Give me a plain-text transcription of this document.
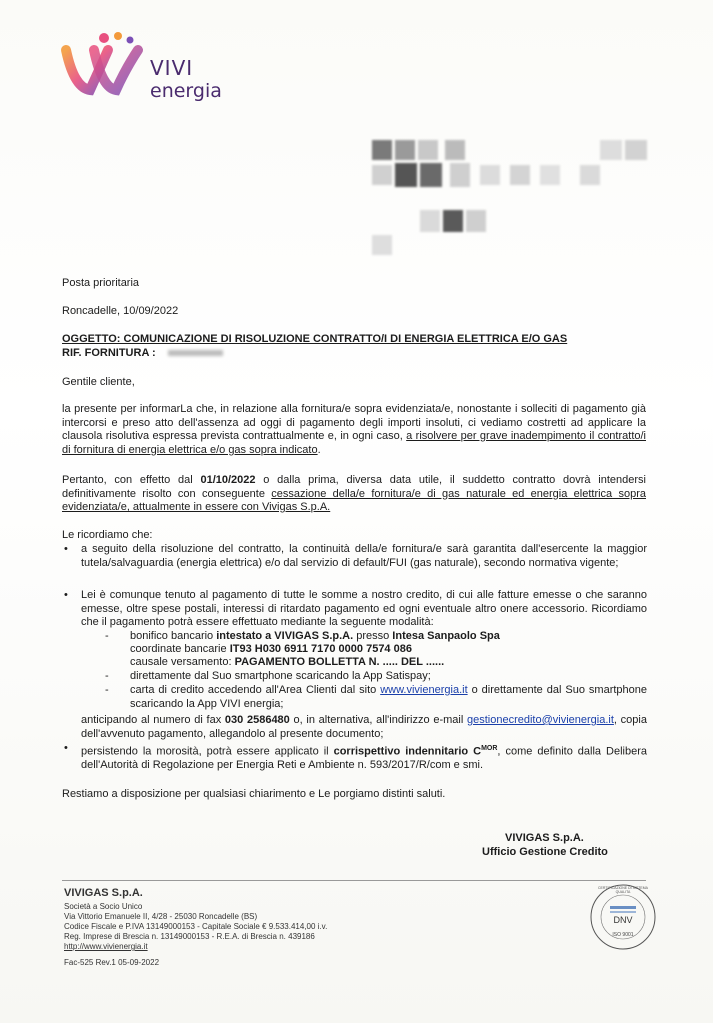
VIVI
energia
Posta prioritaria
Roncadelle, 10/09/2022
OGGETTO: COMUNICAZIONE DI RISOLUZIONE CONTRATTO/I DI ENERGIA ELETTRICA E/O GAS
RIF. FORNITURA :
Gentile cliente,
la presente per informarLa che, in relazione alla fornitura/e sopra evidenziata/e, nonostante i solleciti di pagamento già intercorsi e preso atto dell'assenza ad oggi di pagamento degli importi insoluti, ci vediamo costretti ad applicare la clausola risolutiva espressa prevista contrattualmente e, in ogni caso, a risolvere per grave inadempimento il contratto/i di fornitura di energia elettrica e/o gas sopra indicato.
Pertanto, con effetto dal 01/10/2022 o dalla prima, diversa data utile, il suddetto contratto dovrà intendersi definitivamente risolto con conseguente cessazione della/e fornitura/e di gas naturale ed energia elettrica sopra evidenziata/e, attualmente in essere con Vivigas S.p.A.
Le ricordiamo che:
• a seguito della risoluzione del contratto, la continuità della/e fornitura/e sarà garantita dall'esercente la maggior tutela/salvaguardia (energia elettrica) e/o dal servizio di default/FUI (gas naturale), secondo normativa vigente;
• Lei è comunque tenuto al pagamento di tutte le somme a nostro credito, di cui alle fatture emesse o che saranno emesse, oltre spese postali, interessi di ritardato pagamento ed ogni eventuale altro onere accessorio. Ricordiamo che il pagamento potrà essere effettuato mediante la seguente modalità:
- bonifico bancario intestato a VIVIGAS S.p.A. presso Intesa Sanpaolo Spa
coordinate bancarie IT93 H030 6911 7170 0000 7574 086
causale versamento: PAGAMENTO BOLLETTA N. ..... DEL ......
- direttamente dal Suo smartphone scaricando la App Satispay;
- carta di credito accedendo all'Area Clienti dal sito www.vivienergia.it o direttamente dal Suo smartphone scaricando la App VIVI energia;
anticipando al numero di fax 030 2586480 o, in alternativa, all'indirizzo e-mail gestionecredito@vivienergia.it, copia dell'avvenuto pagamento, allegandolo al presente documento;
• persistendo la morosità, potrà essere applicato il corrispettivo indennitario $C^{MOR}$, come definito dalla Delibera dell'Autorità di Regolazione per Energia Reti e Ambiente n. 593/2017/R/com e smi.
Restiamo a disposizione per qualsiasi chiarimento e Le porgiamo distinti saluti.
VIVIGAS S.p.A.
Ufficio Gestione Credito
VIVIGAS S.p.A.
Società a Socio Unico
Via Vittorio Emanuele II, 4/28 - 25030 Roncadelle (BS)
Codice Fiscale e P.IVA 13149000153 - Capitale Sociale € 9.533.414,00 i.v.
Reg. Imprese di Brescia n. 13149000153 - R.E.A. di Brescia n. 439186
http://www.vivienergia.it
Fac-525 Rev.1 05-09-2022
DNV
ISO 9001
CERTIFICAZIONE DI SISTEMA QUALITA
